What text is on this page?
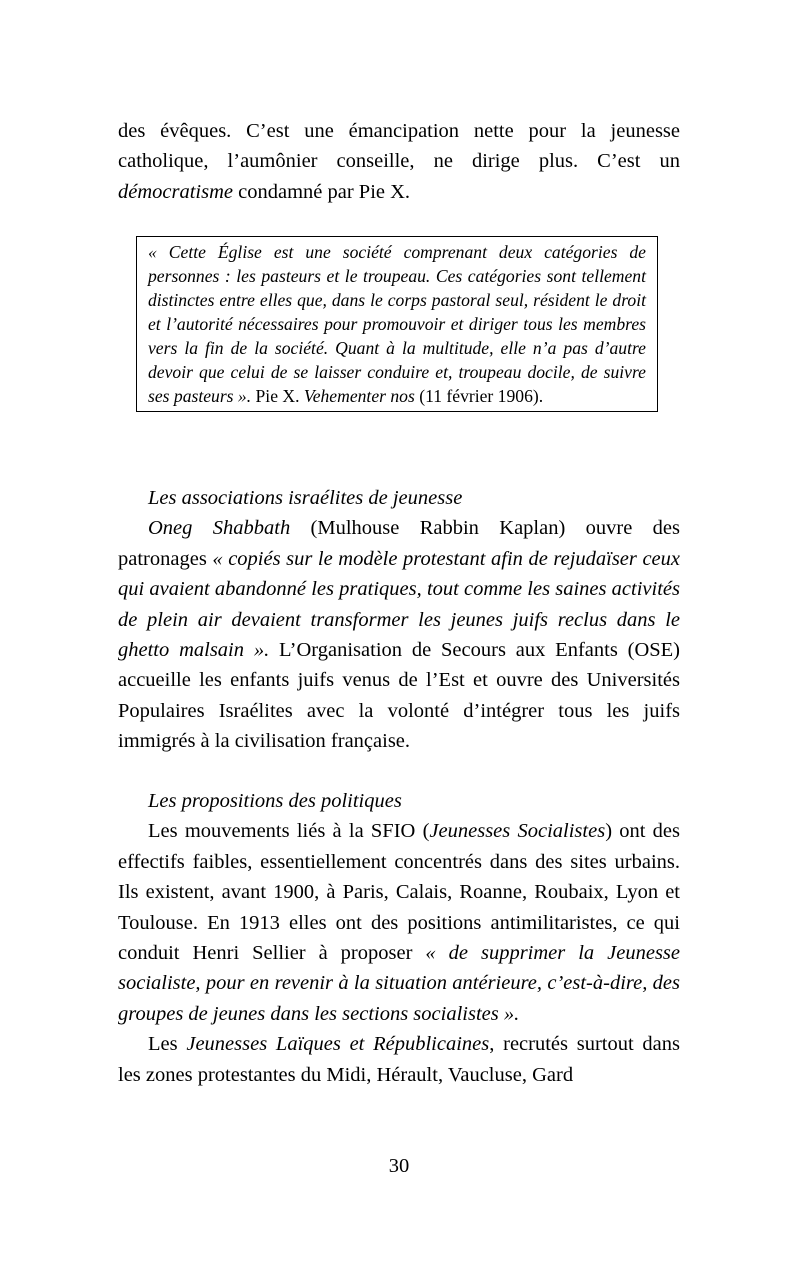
des évêques. C’est une émancipation nette pour la jeunesse catholique, l’aumônier conseille, ne dirige plus. C’est un démocratisme condamné par Pie X.

« Cette Église est une société comprenant deux catégories de personnes : les pasteurs et le troupeau. Ces catégories sont tellement distinctes entre elles que, dans le corps pastoral seul, résident le droit et l’autorité nécessaires pour promouvoir et diriger tous les membres vers la fin de la société. Quant à la multitude, elle n’a pas d’autre devoir que celui de se laisser conduire et, troupeau docile, de suivre ses pasteurs ». Pie X. Vehementer nos (11 février 1906).

Les associations israélites de jeunesse

Oneg Shabbath (Mulhouse Rabbin Kaplan) ouvre des patronages « copiés sur le modèle protestant afin de rejudaïser ceux qui avaient abandonné les pratiques, tout comme les saines activités de plein air devaient transformer les jeunes juifs reclus dans le ghetto malsain ». L’Organisation de Secours aux Enfants (OSE) accueille les enfants juifs venus de l’Est et ouvre des Universités Populaires Israélites avec la volonté d’intégrer tous les juifs immigrés à la civilisation française.

Les propositions des politiques

Les mouvements liés à la SFIO (Jeunesses Socialistes) ont des effectifs faibles, essentiellement concentrés dans des sites urbains. Ils existent, avant 1900, à Paris, Calais, Roanne, Roubaix, Lyon et Toulouse. En 1913 elles ont des positions antimilitaristes, ce qui conduit Henri Sellier à proposer « de supprimer la Jeunesse socialiste, pour en revenir à la situation antérieure, c’est-à-dire, des groupes de jeunes dans les sections socialistes ».

Les Jeunesses Laïques et Républicaines, recrutés surtout dans les zones protestantes du Midi, Hérault, Vaucluse, Gard

30
